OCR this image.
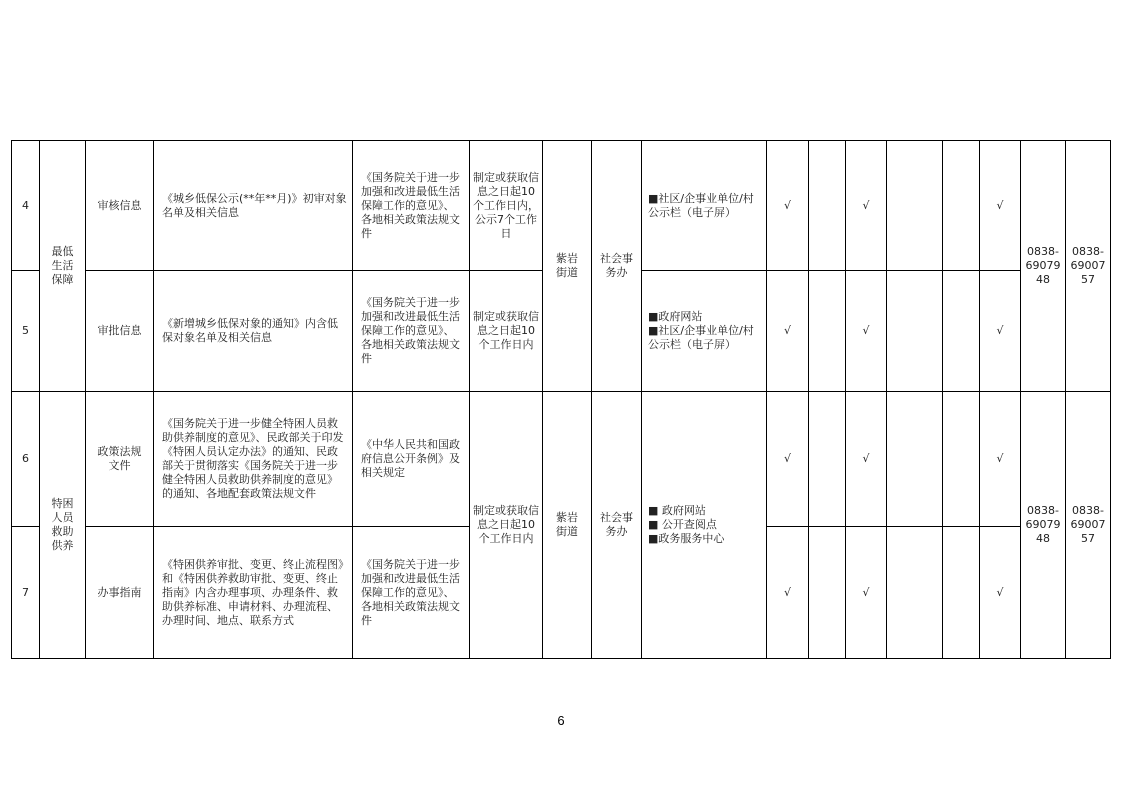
4	最低
生活
保障	审核信息	《城乡低保公示(**年**月)》初审对象名单及相关信息	《国务院关于进一步加强和改进最低生活保障工作的意见》、各地相关政策法规文件	制定或获取信息之日起10个工作日内，公示7个工作日	紫岩
街道	社会事
务办	■社区/企事业单位/村公示栏（电子屏）	√		√			√	0838-
69079
48	0838-
69007
57

5		审批信息	《新增城乡低保对象的通知》内含低保对象名单及相关信息	《国务院关于进一步加强和改进最低生活保障工作的意见》、各地相关政策法规文件	制定或获取信息之日起10个工作日内			■政府网站
■社区/企事业单位/村公示栏（电子屏）	√		√			√		
6	特困
人员
救助
供养	政策法规
文件	《国务院关于进一步健全特困人员救助供养制度的意见》、民政部关于印发《特困人员认定办法》的通知、民政部关于贯彻落实《国务院关于进一步健全特困人员救助供养制度的意见》的通知、各地配套政策法规文件	《中华人民共和国政府信息公开条例》及相关规定	制定或获取信息之日起10个工作日内	紫岩
街道	社会事
务办	■ 政府网站
■ 公开查阅点
■政务服务中心	√		√			√	0838-
69079
48	0838-
69007
57

7		办事指南	《特困供养审批、变更、终止流程图》和《特困供养救助审批、变更、终止指南》内含办理事项、办理条件、救助供养标准、申请材料、办理流程、办理时间、地点、联系方式	《国务院关于进一步加强和改进最低生活保障工作的意见》、各地相关政策法规文件					√		√			√		
6
